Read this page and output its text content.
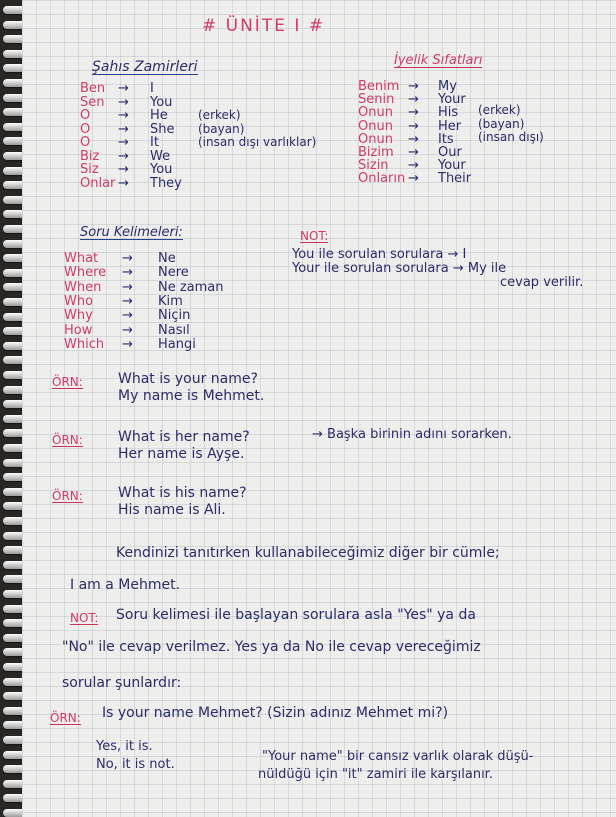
# ÜNİTE I #
Şahıs Zamirleri
Ben → I
Sen → You
O → He	(erkek)
O → She (bayan)
O → It	(insan dışı varlıklar)
Biz → We
Siz → You
Onlar → They
İyelik Sıfatları
Benim → My
Senin → Your
Onun → His (erkek)
Onun → Her (bayan)
Onun → Its (insan dışı)
Bizim → Our
Sizin → Your
Onların → Their
Soru Kelimeleri:
What → Ne
Where → Nere
When → Ne zaman
Who → Kim
Why → Niçin
How → Nasıl
Which → Hangi
NOT:
You ile sorulan sorulara → I
Your ile sorulan sorulara → My ile
cevap verilir.
ÖRN:	What is your name?
My name is Mehmet.
ÖRN:	What is her name?	→ Başka birinin adını sorarken.
Her name is Ayşe.
ÖRN:	What is his name?
His name is Ali.
Kendinizi tanıtırken kullanabileceğimiz diğer bir cümle;
I am a Mehmet.
NOT: Soru kelimesi ile başlayan sorulara asla "Yes" ya da
"No" ile cevap verilmez. Yes ya da No ile cevap vereceğimiz
sorular şunlardır:
ÖRN: Is your name Mehmet? (Sizin adınız Mehmet mi?)
Yes, it is.
No, it is not.
"Your name" bir cansız varlık olarak düşü-
nüldüğü için "it" zamiri ile karşılanır.
